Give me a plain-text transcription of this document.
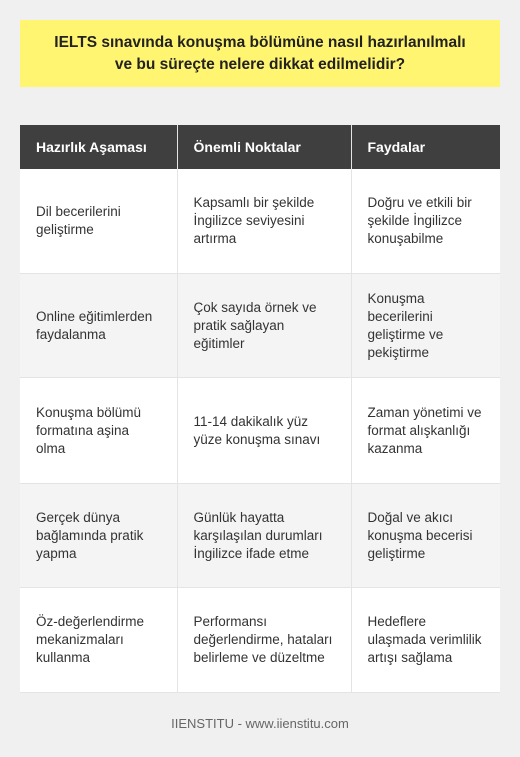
IELTS sınavında konuşma bölümüne nasıl hazırlanılmalı
ve bu süreçte nelere dikkat edilmelidir?
Hazırlık Aşaması	Önemli Noktalar	Faydalar
Dil becerilerini geliştirme	Kapsamlı bir şekilde İngilizce seviyesini artırma	Doğru ve etkili bir şekilde İngilizce konuşabilme
Online eğitimlerden faydalanma	Çok sayıda örnek ve pratik sağlayan eğitimler	Konuşma becerilerini geliştirme ve pekiştirme
Konuşma bölümü formatına aşina olma	11-14 dakikalık yüz yüze konuşma sınavı	Zaman yönetimi ve format alışkanlığı kazanma
Gerçek dünya bağlamında pratik yapma	Günlük hayatta karşılaşılan durumları İngilizce ifade etme	Doğal ve akıcı konuşma becerisi geliştirme
Öz-değerlendirme mekanizmaları kullanma	Performansı değerlendirme, hataları belirleme ve düzeltme	Hedeflere ulaşmada verimlilik artışı sağlama
IIENSTITU - www.iienstitu.com
